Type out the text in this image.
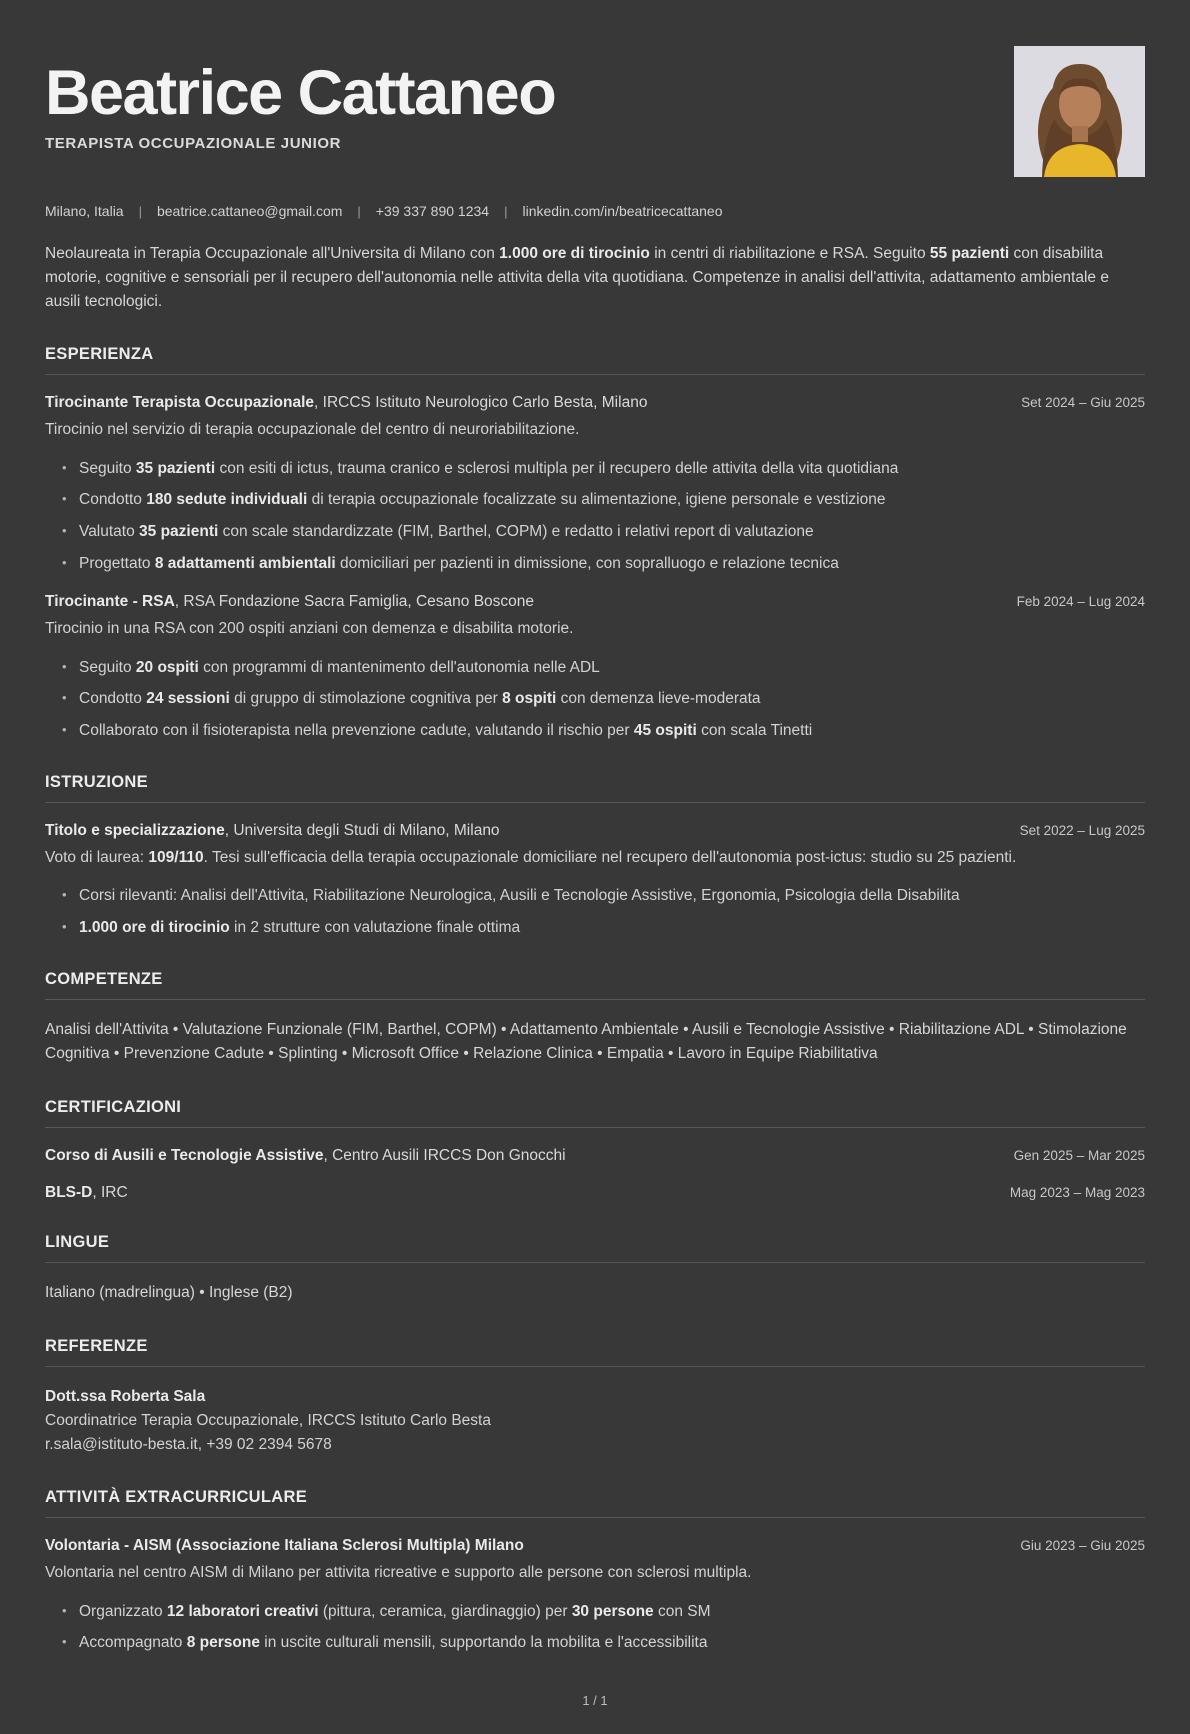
Beatrice Cattaneo
TERAPISTA OCCUPAZIONALE JUNIOR
Milano, Italia | beatrice.cattaneo@gmail.com | +39 337 890 1234 | linkedin.com/in/beatricecattaneo

Neolaureata in Terapia Occupazionale all'Universita di Milano con 1.000 ore di tirocinio in centri di riabilitazione e RSA. Seguito 55 pazienti con disabilita motorie, cognitive e sensoriali per il recupero dell'autonomia nelle attivita della vita quotidiana. Competenze in analisi dell'attivita, adattamento ambientale e ausili tecnologici.

ESPERIENZA
Tirocinante Terapista Occupazionale, IRCCS Istituto Neurologico Carlo Besta, Milano	Set 2024 – Giu 2025

Tirocinio nel servizio di terapia occupazionale del centro di neuroriabilitazione.

• Seguito 35 pazienti con esiti di ictus, trauma cranico e sclerosi multipla per il recupero delle attivita della vita quotidiana
• Condotto 180 sedute individuali di terapia occupazionale focalizzate su alimentazione, igiene personale e vestizione
• Valutato 35 pazienti con scale standardizzate (FIM, Barthel, COPM) e redatto i relativi report di valutazione
• Progettato 8 adattamenti ambientali domiciliari per pazienti in dimissione, con sopralluogo e relazione tecnica
Tirocinante - RSA, RSA Fondazione Sacra Famiglia, Cesano Boscone	Feb 2024 – Lug 2024

Tirocinio in una RSA con 200 ospiti anziani con demenza e disabilita motorie.

• Seguito 20 ospiti con programmi di mantenimento dell'autonomia nelle ADL
• Condotto 24 sessioni di gruppo di stimolazione cognitiva per 8 ospiti con demenza lieve-moderata
• Collaborato con il fisioterapista nella prevenzione cadute, valutando il rischio per 45 ospiti con scala Tinetti
ISTRUZIONE
Titolo e specializzazione, Universita degli Studi di Milano, Milano	Set 2022 – Lug 2025

Voto di laurea: 109/110. Tesi sull'efficacia della terapia occupazionale domiciliare nel recupero dell'autonomia post-ictus: studio su 25 pazienti.

• Corsi rilevanti: Analisi dell'Attivita, Riabilitazione Neurologica, Ausili e Tecnologie Assistive, Ergonomia, Psicologia della Disabilita
• 1.000 ore di tirocinio in 2 strutture con valutazione finale ottima
COMPETENZE

Analisi dell'Attivita • Valutazione Funzionale (FIM, Barthel, COPM) • Adattamento Ambientale • Ausili e Tecnologie Assistive • Riabilitazione ADL • Stimolazione Cognitiva • Prevenzione Cadute • Splinting • Microsoft Office • Relazione Clinica • Empatia • Lavoro in Equipe Riabilitativa

CERTIFICAZIONI
Corso di Ausili e Tecnologie Assistive, Centro Ausili IRCCS Don Gnocchi	Gen 2025 – Mar 2025
BLS-D, IRC	Mag 2023 – Mag 2023
LINGUE

Italiano (madrelingua) • Inglese (B2)

REFERENZE
Dott.ssa Roberta Sala
Coordinatrice Terapia Occupazionale, IRCCS Istituto Carlo Besta
r.sala@istituto-besta.it, +39 02 2394 5678
ATTIVITÀ EXTRACURRICULARE
Volontaria - AISM (Associazione Italiana Sclerosi Multipla) Milano	Giu 2023 – Giu 2025

Volontaria nel centro AISM di Milano per attivita ricreative e supporto alle persone con sclerosi multipla.

• Organizzato 12 laboratori creativi (pittura, ceramica, giardinaggio) per 30 persone con SM
• Accompagnato 8 persone in uscite culturali mensili, supportando la mobilita e l'accessibilita
1 / 1
